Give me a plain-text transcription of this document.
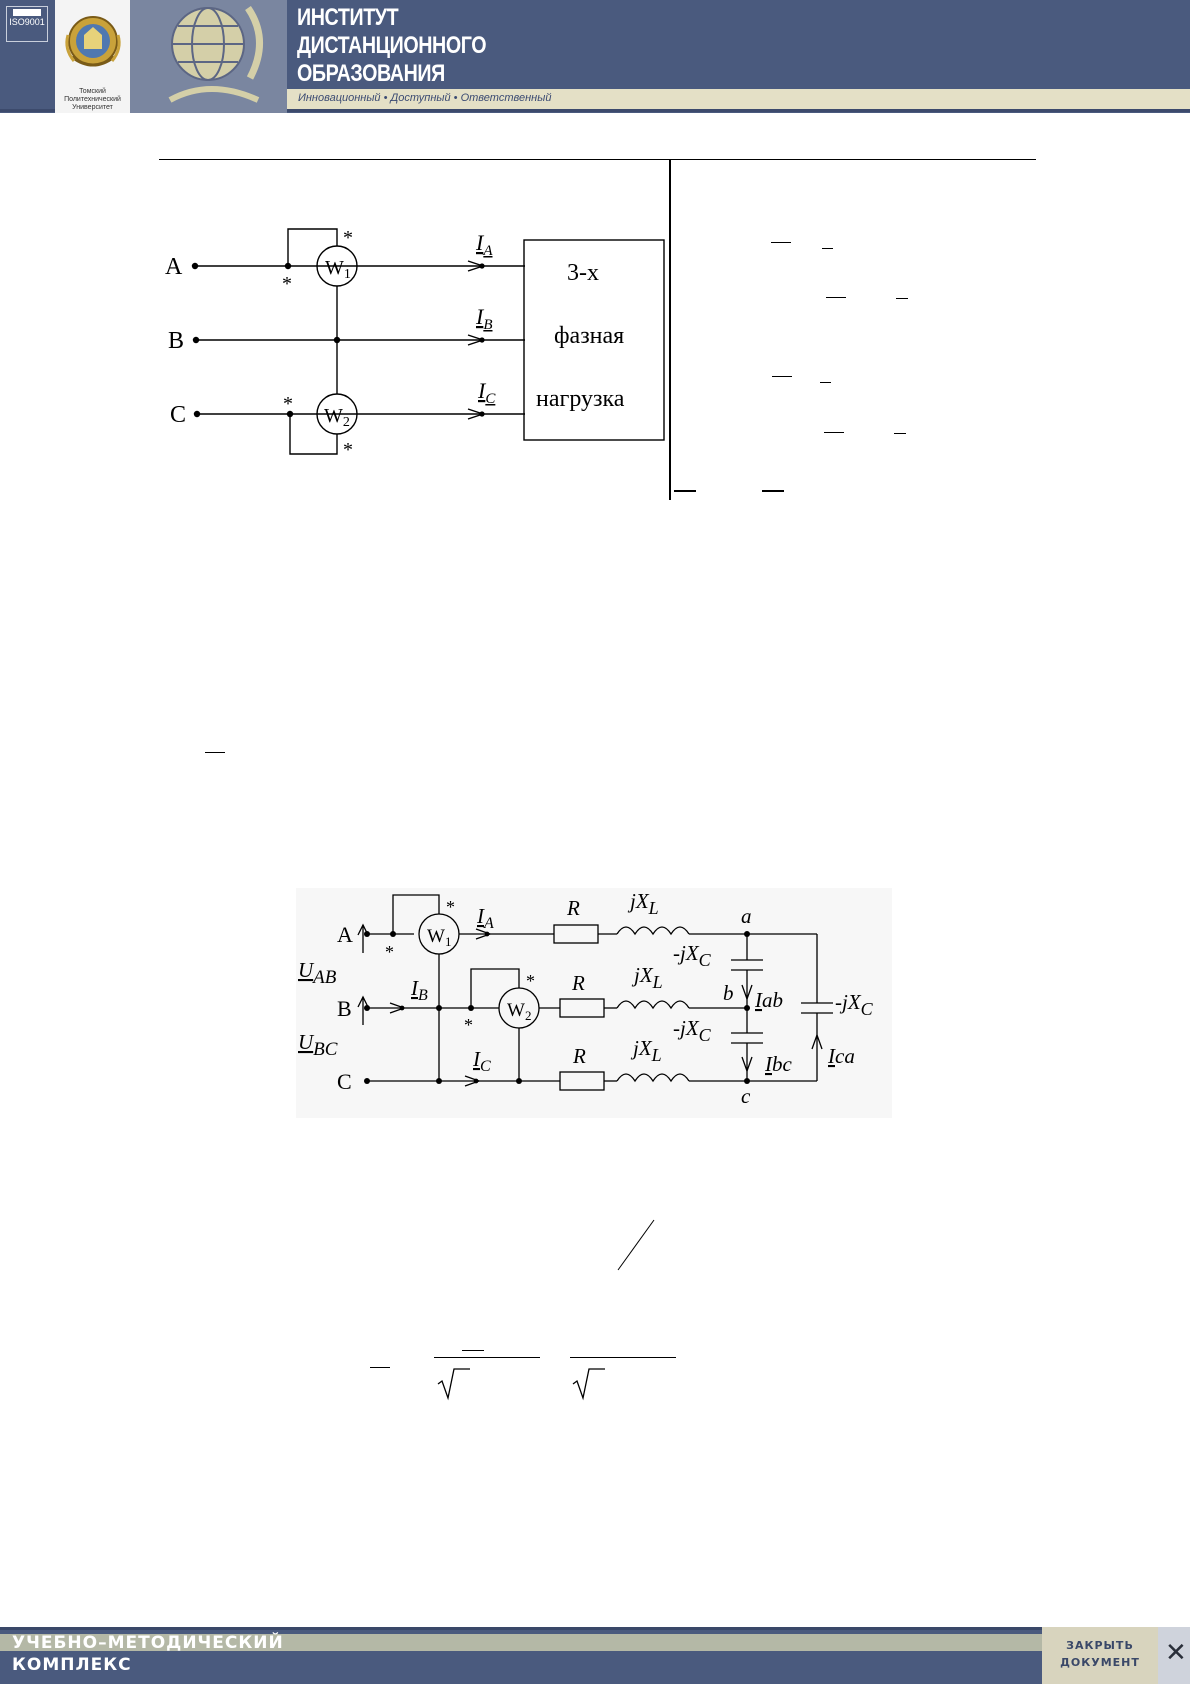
ISO9001
Томский
Политехнический
Университет
ИНСТИТУТ
ДИСТАНЦИОННОГО
ОБРАЗОВАНИЯ
Инновационный • Доступный • Ответственный
A
B
C
$W_1$
$W_2$
*
*
*
*
$I_A$
$I_B$
$I_C$
3-х
фазная
нагрузка
A
B
C
$W_1$
$W_2$
*
*
*
*
UAB
UBC
$I_A$
$I_B$
$I_C$
R
R
R
jXL
jXL
jXL
-jXC
-jXC
-jXC
a
b
c
Iab
Ibc Ica
УЧЕБНО–МЕТОДИЧЕСКИЙ
КОМПЛЕКС
ЗАКРЫТЬ
ДОКУМЕНТ ✕
